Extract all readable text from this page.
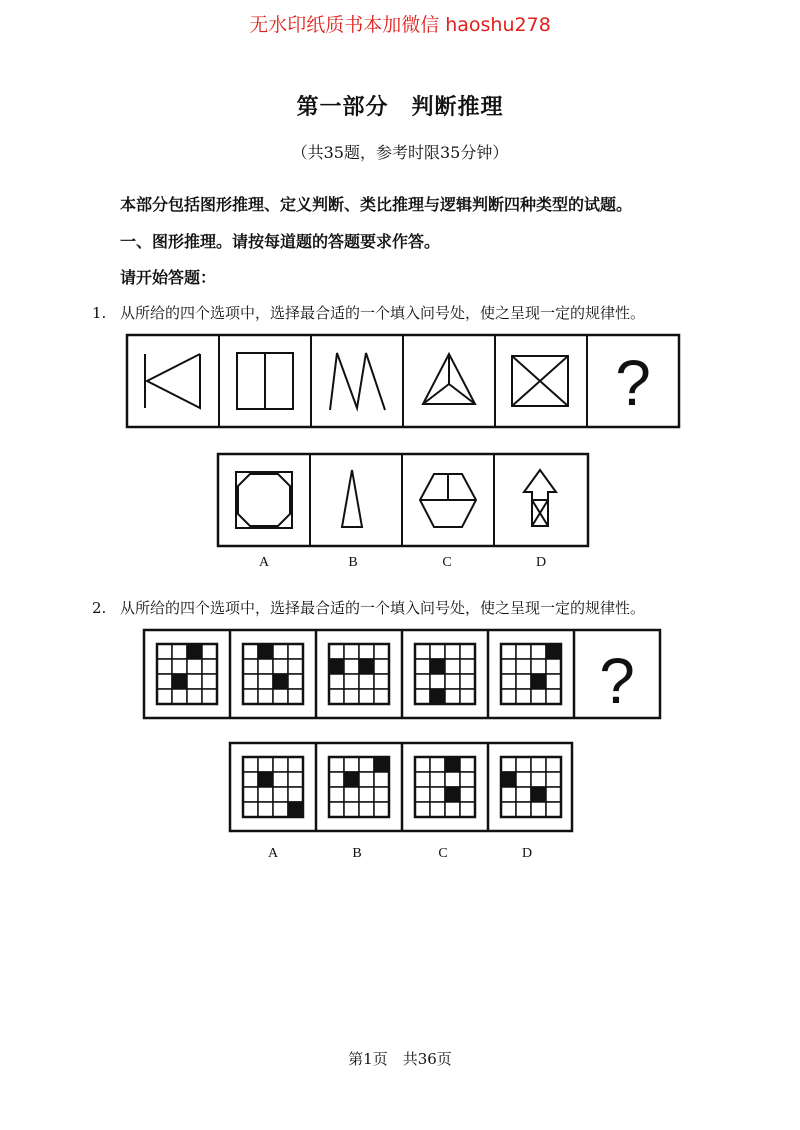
无水印纸质书本加微信 haoshu278
第一部分　判断推理
（共35题，参考时限35分钟）
本部分包括图形推理、定义判断、类比推理与逻辑判断四种类型的试题。
一、图形推理。请按每道题的答题要求作答。
请开始答题：
1. 从所给的四个选项中，选择最合适的一个填入问号处，使之呈现一定的规律性。
?
A	B	C	D
2. 从所给的四个选项中，选择最合适的一个填入问号处，使之呈现一定的规律性。
?
A	B	C	D
第1页　共36页
